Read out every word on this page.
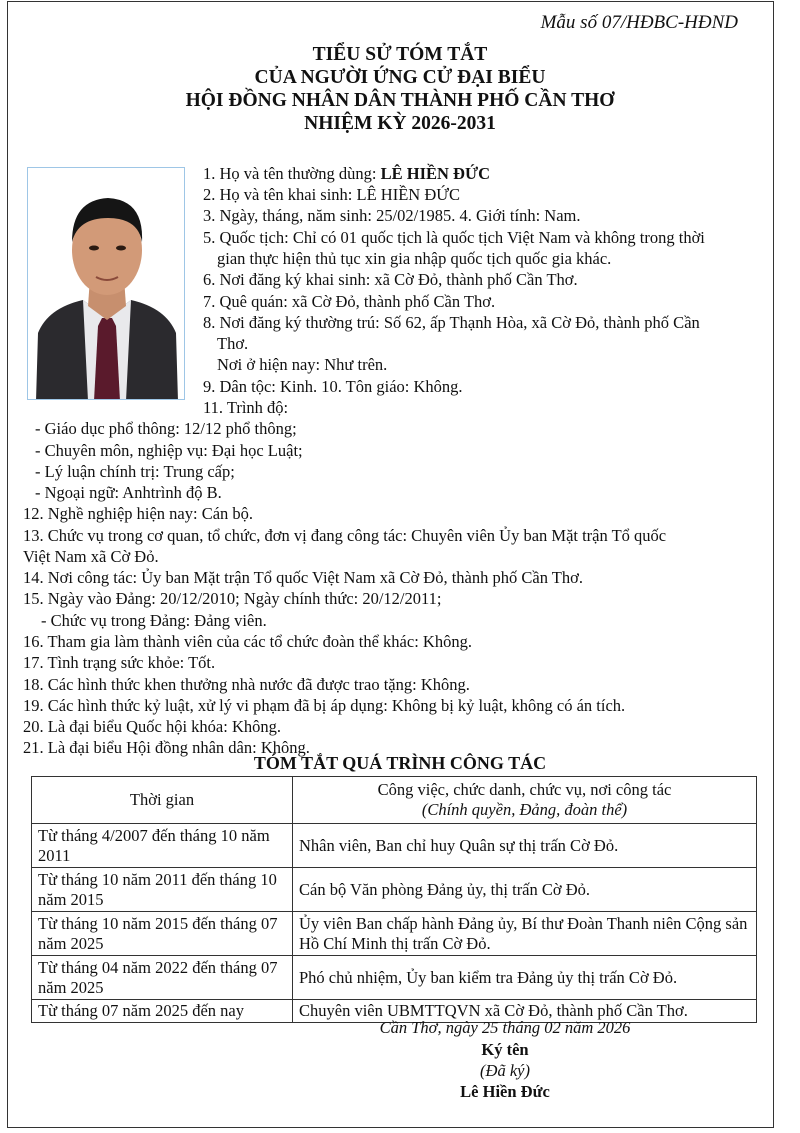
Mẫu số 07/HĐBC-HĐND
TIỂU SỬ TÓM TẮT
CỦA NGƯỜI ỨNG CỬ ĐẠI BIỂU
HỘI ĐỒNG NHÂN DÂN THÀNH PHỐ CẦN THƠ
NHIỆM KỲ 2026-2031
1. Họ và tên thường dùng: LÊ HIỀN ĐỨC
2. Họ và tên khai sinh: LÊ HIỀN ĐỨC
3. Ngày, tháng, năm sinh: 25/02/1985. 4. Giới tính: Nam.
5. Quốc tịch: Chỉ có 01 quốc tịch là quốc tịch Việt Nam và không trong thời
gian thực hiện thủ tục xin gia nhập quốc tịch quốc gia khác.
6. Nơi đăng ký khai sinh: xã Cờ Đỏ, thành phố Cần Thơ.
7. Quê quán: xã Cờ Đỏ, thành phố Cần Thơ.
8. Nơi đăng ký thường trú: Số 62, ấp Thạnh Hòa, xã Cờ Đỏ, thành phố Cần
Thơ.
Nơi ở hiện nay: Như trên.
9. Dân tộc: Kinh. 10. Tôn giáo: Không.
11. Trình độ:
- Giáo dục phổ thông: 12/12 phổ thông;
- Chuyên môn, nghiệp vụ: Đại học Luật;
- Lý luận chính trị: Trung cấp;
- Ngoại ngữ: Anhtrình độ B.
12. Nghề nghiệp hiện nay: Cán bộ.
13. Chức vụ trong cơ quan, tổ chức, đơn vị đang công tác: Chuyên viên Ủy ban Mặt trận Tổ quốc
Việt Nam xã Cờ Đỏ.
14. Nơi công tác: Ủy ban Mặt trận Tổ quốc Việt Nam xã Cờ Đỏ, thành phố Cần Thơ.
15. Ngày vào Đảng: 20/12/2010; Ngày chính thức: 20/12/2011;
- Chức vụ trong Đảng: Đảng viên.
16. Tham gia làm thành viên của các tổ chức đoàn thể khác: Không.
17. Tình trạng sức khỏe: Tốt.
18. Các hình thức khen thưởng nhà nước đã được trao tặng: Không.
19. Các hình thức kỷ luật, xử lý vi phạm đã bị áp dụng: Không bị kỷ luật, không có án tích.
20. Là đại biểu Quốc hội khóa: Không.
21. Là đại biểu Hội đồng nhân dân: Không.
TÓM TẮT QUÁ TRÌNH CÔNG TÁC
Thời gian	Công việc, chức danh, chức vụ, nơi công tác
(Chính quyền, Đảng, đoàn thể)

Từ tháng 4/2007 đến tháng 10 năm 2011	Nhân viên, Ban chỉ huy Quân sự thị trấn Cờ Đỏ.
Từ tháng 10 năm 2011 đến tháng 10 năm 2015	Cán bộ Văn phòng Đảng ủy, thị trấn Cờ Đỏ.
Từ tháng 10 năm 2015 đến tháng 07 năm 2025	Ủy viên Ban chấp hành Đảng ủy, Bí thư Đoàn Thanh niên Cộng sản Hồ Chí Minh thị trấn Cờ Đỏ.
Từ tháng 04 năm 2022 đến tháng 07 năm 2025	Phó chủ nhiệm, Ủy ban kiểm tra Đảng ủy thị trấn Cờ Đỏ.
Từ tháng 07 năm 2025 đến nay	Chuyên viên UBMTTQVN xã Cờ Đỏ, thành phố Cần Thơ.
Cần Thơ, ngày 25 tháng 02 năm 2026
Ký tên
(Đã ký)
Lê Hiền Đức
